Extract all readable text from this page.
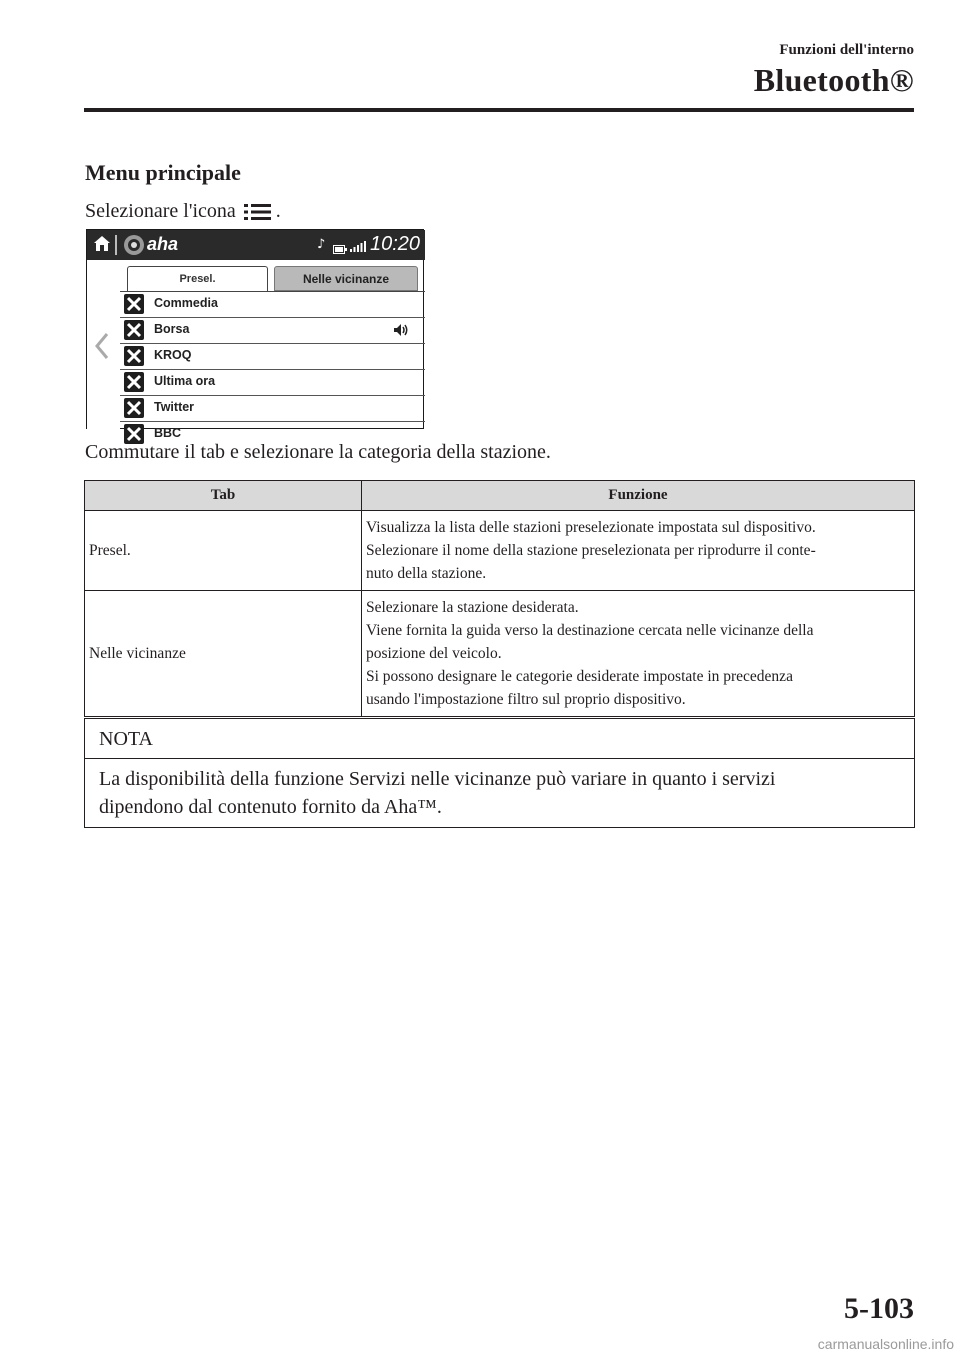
Funzioni dell'interno
Bluetooth®
Menu principale
Selezionare l'icona .
aha	♪ 10:20
Presel.	Nelle vicinanze
Commedia
Borsa
KROQ
Ultima ora
Twitter
BBC
Commutare il tab e selezionare la categoria della stazione.
Tab	Funzione
Presel.	Visualizza la lista delle stazioni preselezionate impostata sul dispositivo.
Selezionare il nome della stazione preselezionata per riprodurre il conte-
nuto della stazione.

Nelle vicinanze	Selezionare la stazione desiderata.
Viene fornita la guida verso la destinazione cercata nelle vicinanze della
posizione del veicolo.
Si possono designare le categorie desiderate impostate in precedenza
usando l'impostazione filtro sul proprio dispositivo.
NOTA
La disponibilità della funzione Servizi nelle vicinanze può variare in quanto i servizi
dipendono dal contenuto fornito da Aha™.
5-103
carmanualsonline.info
